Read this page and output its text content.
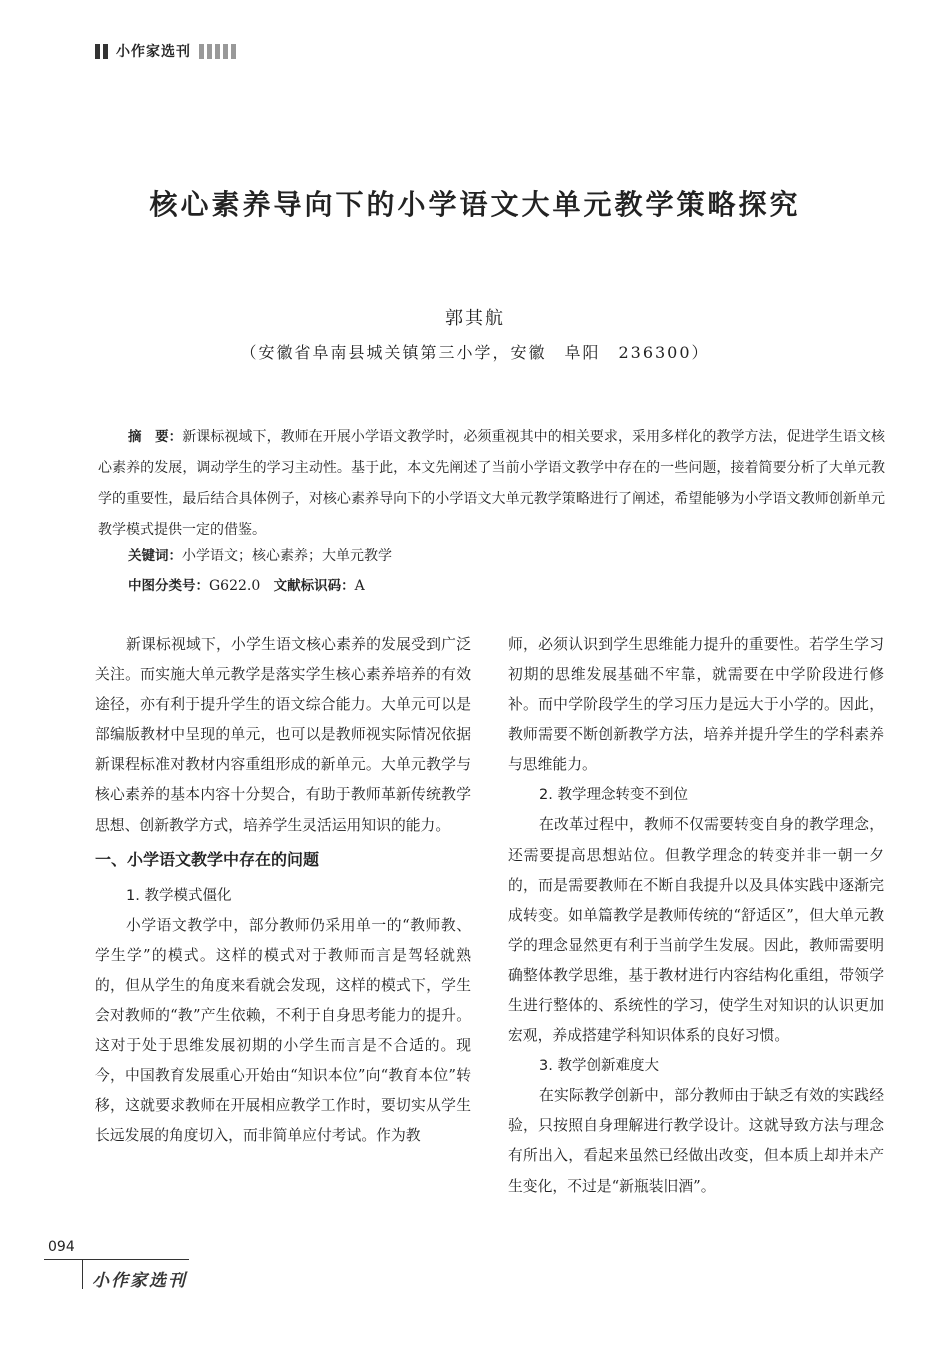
小作家选刊
核心素养导向下的小学语文大单元教学策略探究
郭其航
（安徽省阜南县城关镇第三小学，安徽　阜阳　236300）

摘　要：新课标视域下，教师在开展小学语文教学时，必须重视其中的相关要求，采用多样化的教学方法，促进学生语文核心素养的发展，调动学生的学习主动性。基于此，本文先阐述了当前小学语文教学中存在的一些问题，接着简要分析了大单元教学的重要性，最后结合具体例子，对核心素养导向下的小学语文大单元教学策略进行了阐述，希望能够为小学语文教师创新单元教学模式提供一定的借鉴。

关键词：小学语文；核心素养；大单元教学

中图分类号：G622.0 文献标识码：A

新课标视域下，小学生语文核心素养的发展受到广泛关注。而实施大单元教学是落实学生核心素养培养的有效途径，亦有利于提升学生的语文综合能力。大单元可以是部编版教材中呈现的单元，也可以是教师视实际情况依据新课程标准对教材内容重组形成的新单元。大单元教学与核心素养的基本内容十分契合，有助于教师革新传统教学思想、创新教学方式，培养学生灵活运用知识的能力。

一、小学语文教学中存在的问题
1. 教学模式僵化

小学语文教学中，部分教师仍采用单一的“教师教、学生学”的模式。这样的模式对于教师而言是驾轻就熟的，但从学生的角度来看就会发现，这样的模式下，学生会对教师的“教”产生依赖，不利于自身思考能力的提升。这对于处于思维发展初期的小学生而言是不合适的。现今，中国教育发展重心开始由“知识本位”向“教育本位”转移，这就要求教师在开展相应教学工作时，要切实从学生长远发展的角度切入，而非简单应付考试。作为教

师，必须认识到学生思维能力提升的重要性。若学生学习初期的思维发展基础不牢靠，就需要在中学阶段进行修补。而中学阶段学生的学习压力是远大于小学的。因此，教师需要不断创新教学方法，培养并提升学生的学科素养与思维能力。

2. 教学理念转变不到位

在改革过程中，教师不仅需要转变自身的教学理念，还需要提高思想站位。但教学理念的转变并非一朝一夕的，而是需要教师在不断自我提升以及具体实践中逐渐完成转变。如单篇教学是教师传统的“舒适区”，但大单元教学的理念显然更有利于当前学生发展。因此，教师需要明确整体教学思维，基于教材进行内容结构化重组，带领学生进行整体的、系统性的学习，使学生对知识的认识更加宏观，养成搭建学科知识体系的良好习惯。

3. 教学创新难度大

在实际教学创新中，部分教师由于缺乏有效的实践经验，只按照自身理解进行教学设计。这就导致方法与理念有所出入，看起来虽然已经做出改变，但本质上却并未产生变化，不过是“新瓶装旧酒”。

094
小作家选刊
